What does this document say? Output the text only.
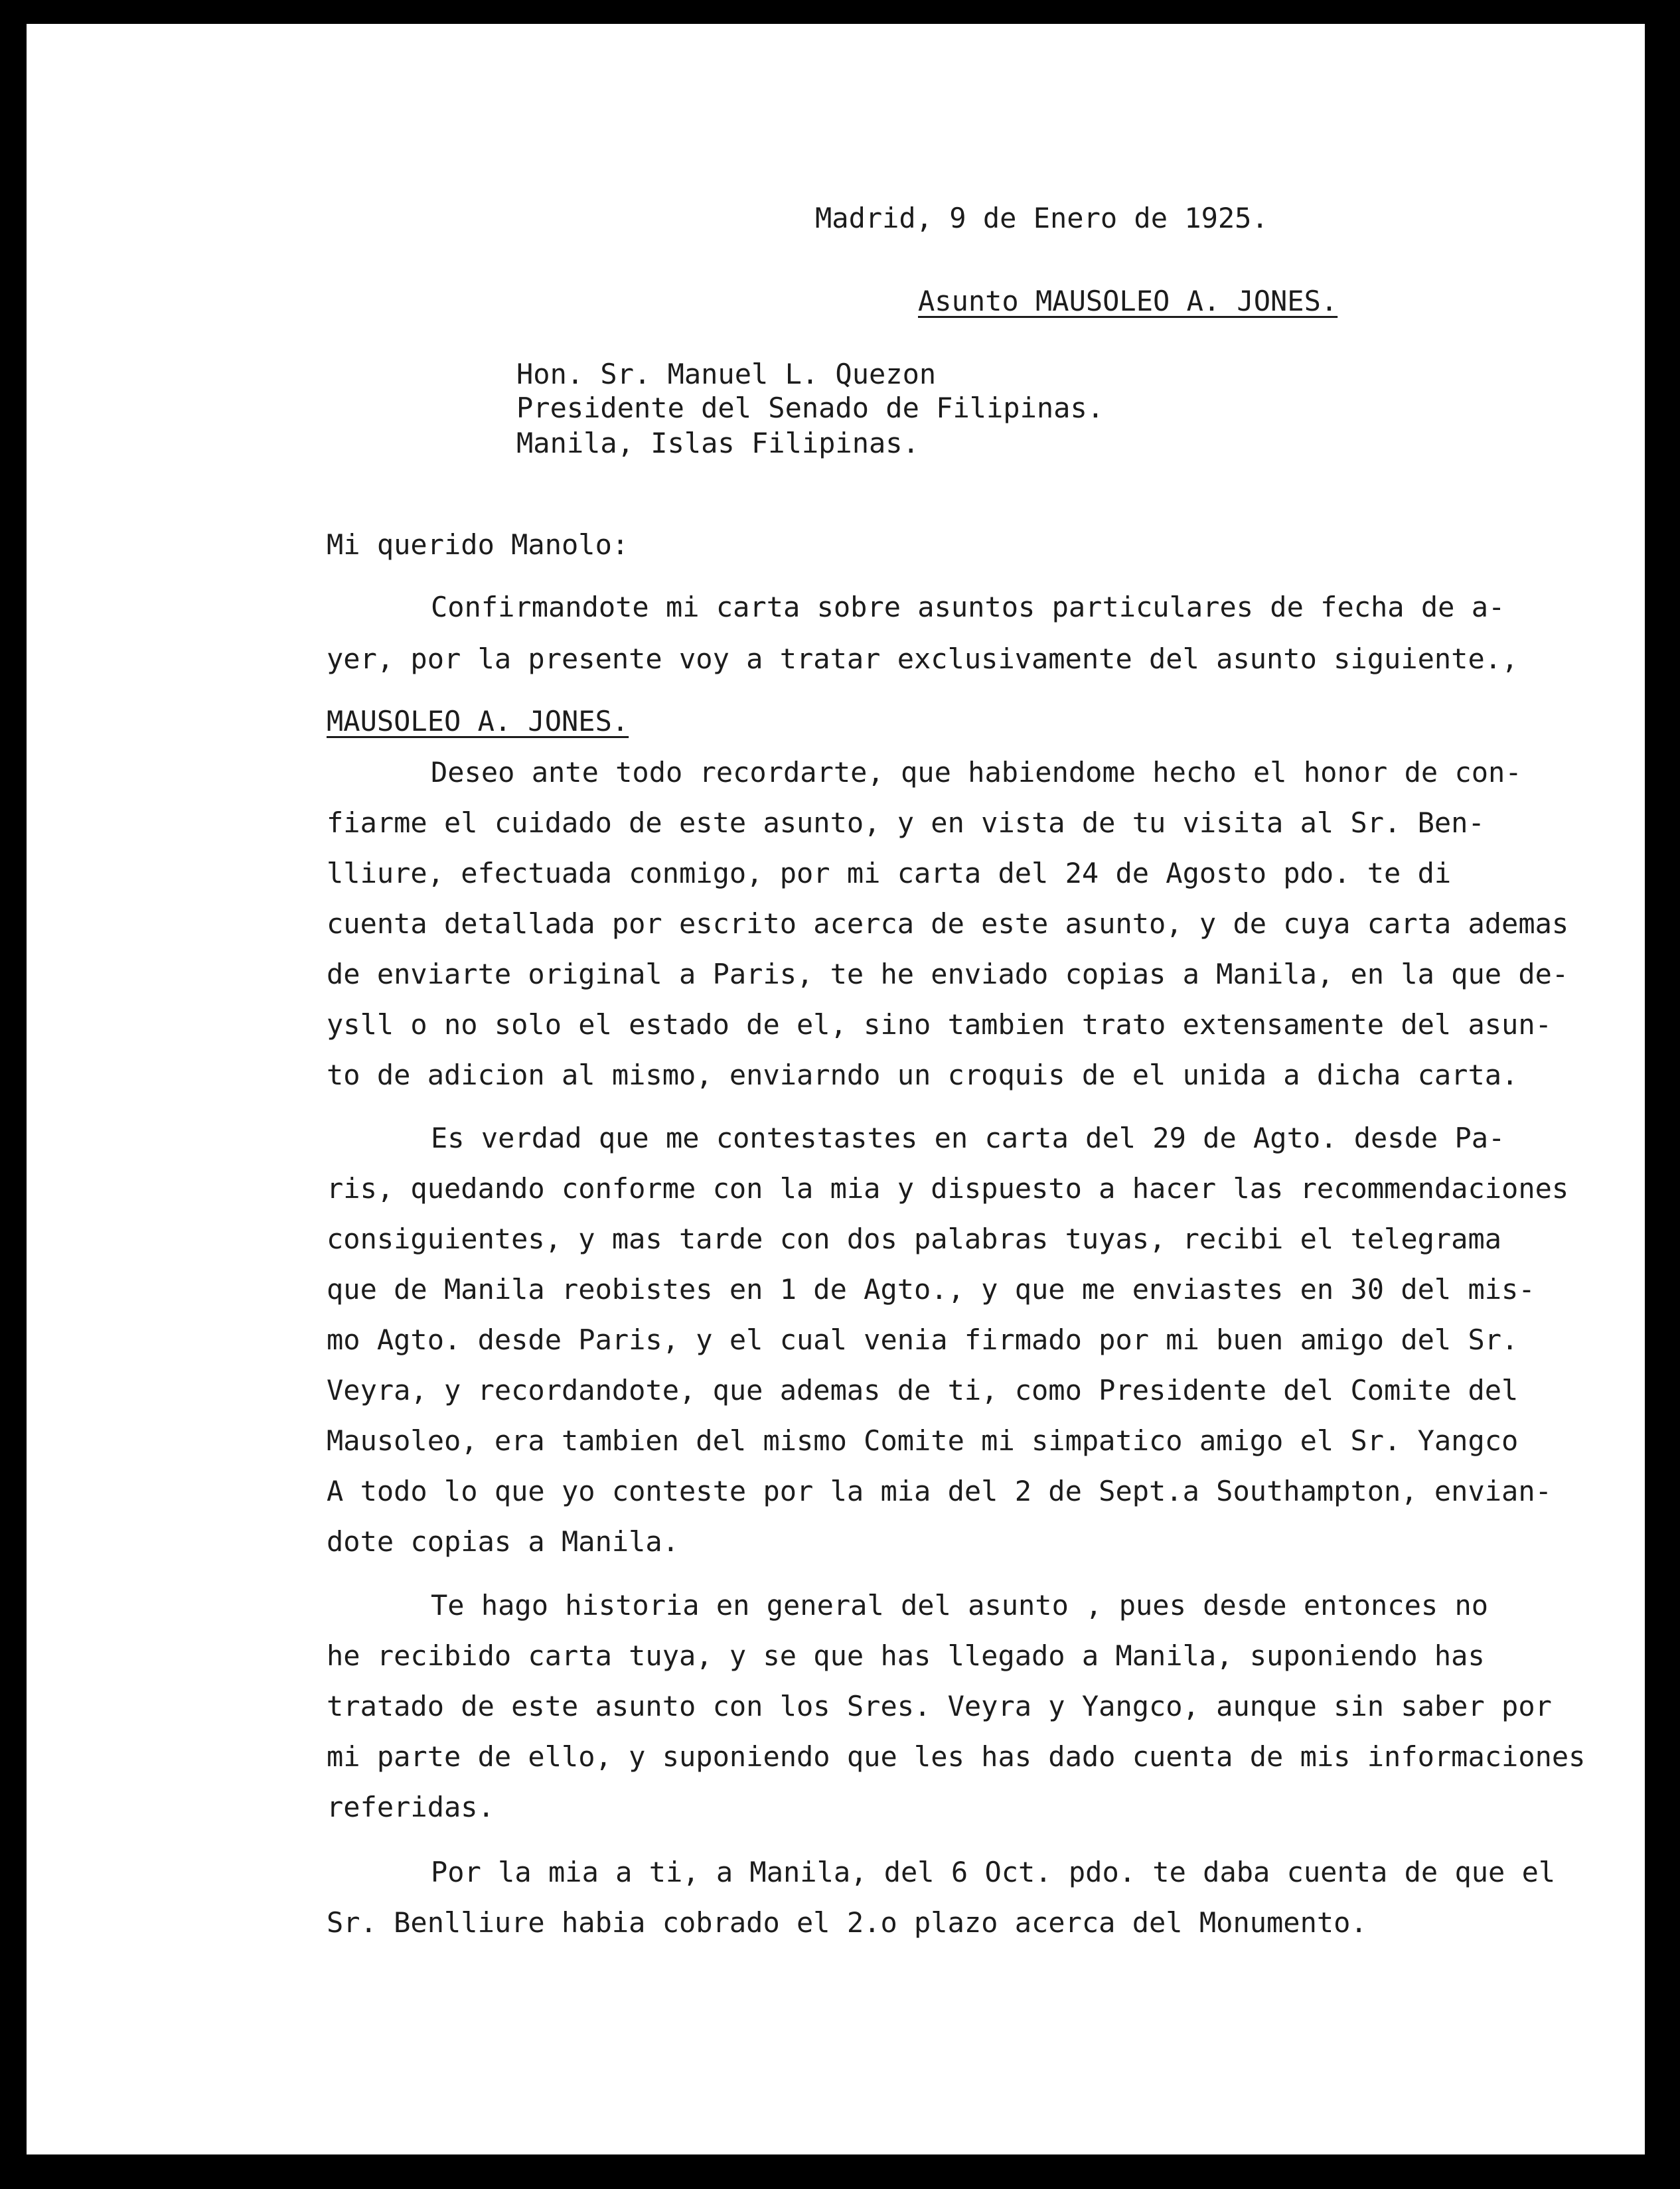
Madrid, 9 de Enero de 1925.
Asunto MAUSOLEO A. JONES.
Hon. Sr. Manuel L. Quezon
Presidente del Senado de Filipinas.
Manila, Islas Filipinas.
Mi querido Manolo:
Confirmandote mi carta sobre asuntos particulares de fecha de a-
yer, por la presente voy a tratar exclusivamente del asunto siguiente.,
MAUSOLEO A. JONES.
Deseo ante todo recordarte, que habiendome hecho el honor de con-
fiarme el cuidado de este asunto, y en vista de tu visita al Sr. Ben-
lliure, efectuada conmigo, por mi carta del 24 de Agosto pdo. te di
cuenta detallada por escrito acerca de este asunto, y de cuya carta ademas
de enviarte original a Paris, te he enviado copias a Manila, en la que de-
ysll o no solo el estado de el, sino tambien trato extensamente del asun-
to de adicion al mismo, enviarndo un croquis de el unida a dicha carta.
Es verdad que me contestastes en carta del 29 de Agto. desde Pa-
ris, quedando conforme con la mia y dispuesto a hacer las recommendaciones
consiguientes, y mas tarde con dos palabras tuyas, recibi el telegrama
que de Manila reobistes en 1 de Agto., y que me enviastes en 30 del mis-
mo Agto. desde Paris, y el cual venia firmado por mi buen amigo del Sr.
Veyra, y recordandote, que ademas de ti, como Presidente del Comite del
Mausoleo, era tambien del mismo Comite mi simpatico amigo el Sr. Yangco
A todo lo que yo conteste por la mia del 2 de Sept.a Southampton, envian-
dote copias a Manila.
Te hago historia en general del asunto , pues desde entonces no
he recibido carta tuya, y se que has llegado a Manila, suponiendo has
tratado de este asunto con los Sres. Veyra y Yangco, aunque sin saber por
mi parte de ello, y suponiendo que les has dado cuenta de mis informaciones
referidas.
Por la mia a ti, a Manila, del 6 Oct. pdo. te daba cuenta de que el
Sr. Benlliure habia cobrado el 2.o plazo acerca del Monumento.
